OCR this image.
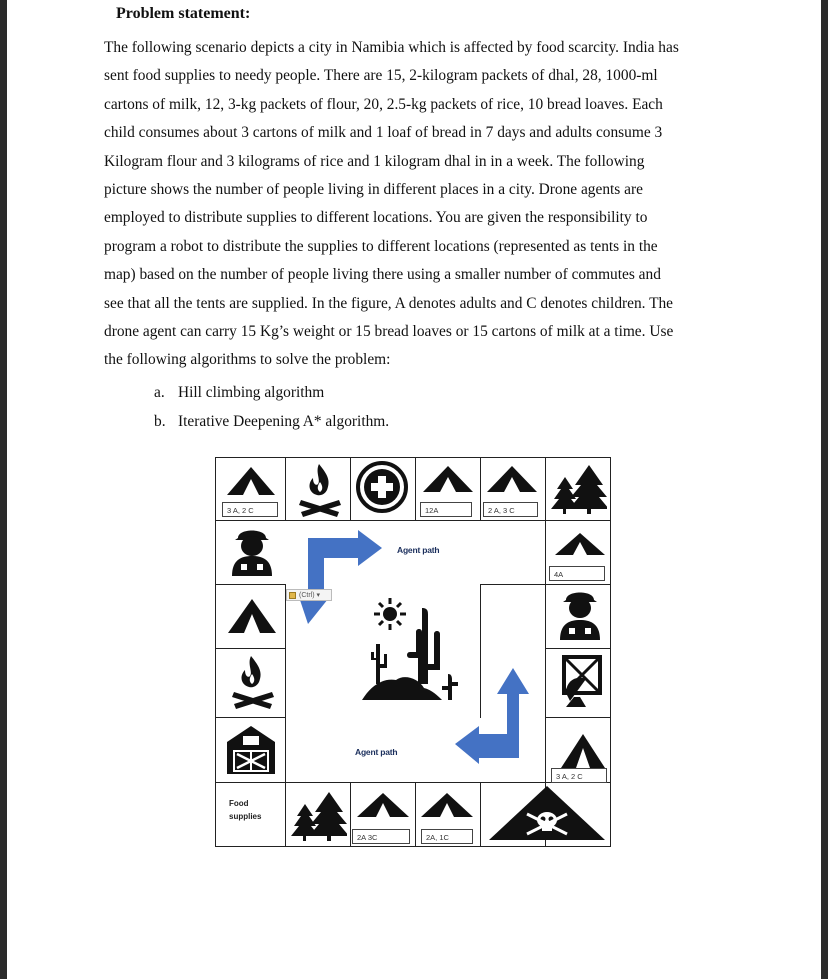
Problem statement:
The following scenario depicts a city in Namibia which is affected by food scarcity. India has
sent food supplies to needy people. There are 15, 2-kilogram packets of dhal, 28, 1000-ml
cartons of milk, 12, 3-kg packets of flour, 20, 2.5-kg packets of rice, 10 bread loaves. Each
child consumes about 3 cartons of milk and 1 loaf of bread in 7 days and adults consume 3
Kilogram flour and 3 kilograms of rice and 1 kilogram dhal in in a week. The following
picture shows the number of people living in different places in a city. Drone agents are
employed to distribute supplies to different locations. You are given the responsibility to
program a robot to distribute the supplies to different locations (represented as tents in the
map) based on the number of people living there using a smaller number of commutes and
see that all the tents are supplied. In the figure, A denotes adults and C denotes children. The
drone agent can carry 15 Kg’s weight or 15 bread loaves or 15 cartons of milk at a time. Use
the following algorithms to solve the problem:
a. Hill climbing algorithm
b. Iterative Deepening A* algorithm.
3 A, 2 C	12A	2 A, 3 C
Agent path
4A
(Ctrl) ▾
Agent path
3 A, 2 C
Food
supplies
2A 3C	2A, 1C
